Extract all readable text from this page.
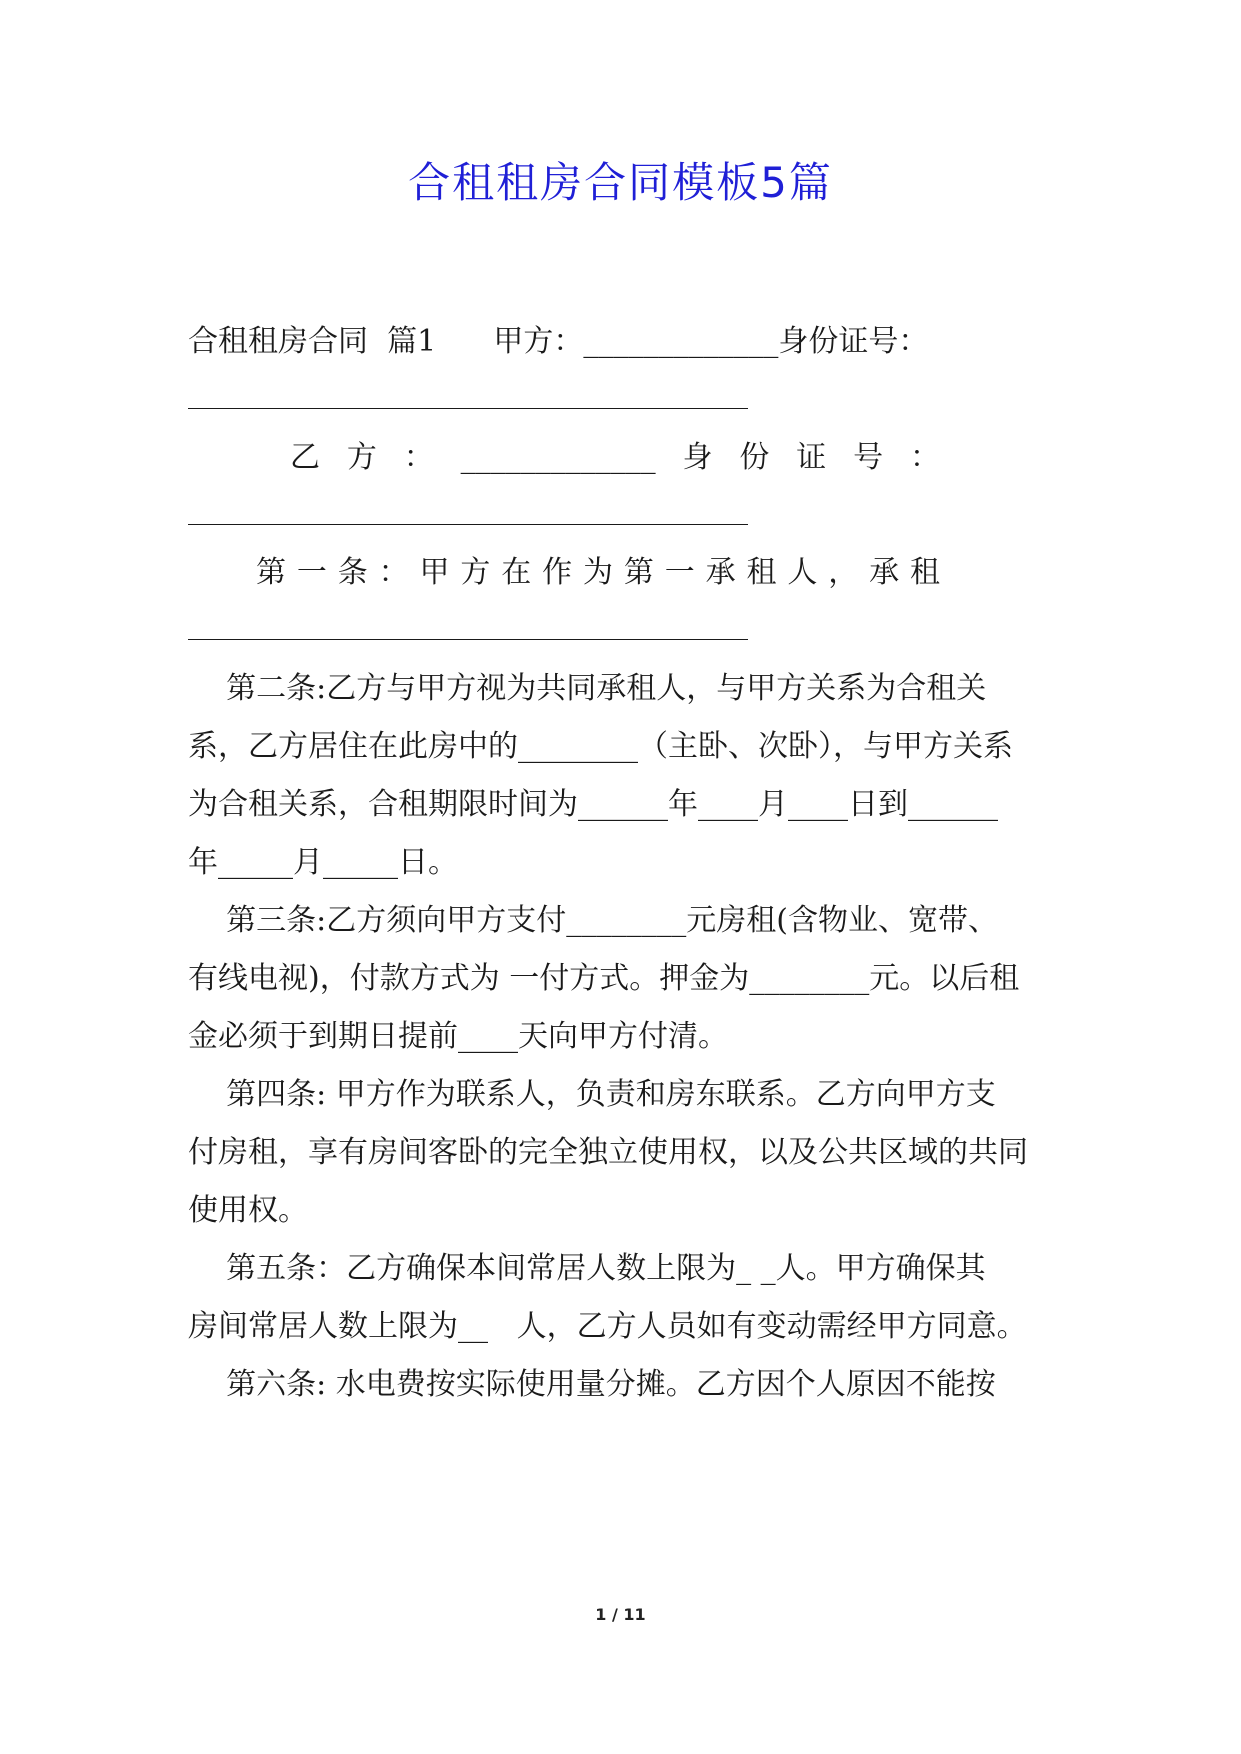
合租租房合同模板5篇
合租租房合同  篇1      甲方：_____________身份证号：
乙 方 ： _____________ 身 份 证 号 ：
第 一 条 ： 甲 方 在 作 为 第 一 承 租 人 ， 承 租
第二条:乙方与甲方视为共同承租人，与甲方关系为合租关
系，乙方居住在此房中的________（主卧、次卧），与甲方关系
为合租关系，合租期限时间为______年____月____日到______
年_____月_____日。
第三条:乙方须向甲方支付________元房租(含物业、宽带、
有线电视)，付款方式为 一付方式。押金为________元。以后租
金必须于到期日提前____天向甲方付清。
第四条: 甲方作为联系人，负责和房东联系。乙方向甲方支
付房租，享有房间客卧的完全独立使用权，以及公共区域的共同
使用权。
第五条：乙方确保本间常居人数上限为_ _人。甲方确保其
房间常居人数上限为__   人，乙方人员如有变动需经甲方同意。
第六条: 水电费按实际使用量分摊。乙方因个人原因不能按
1 / 11
